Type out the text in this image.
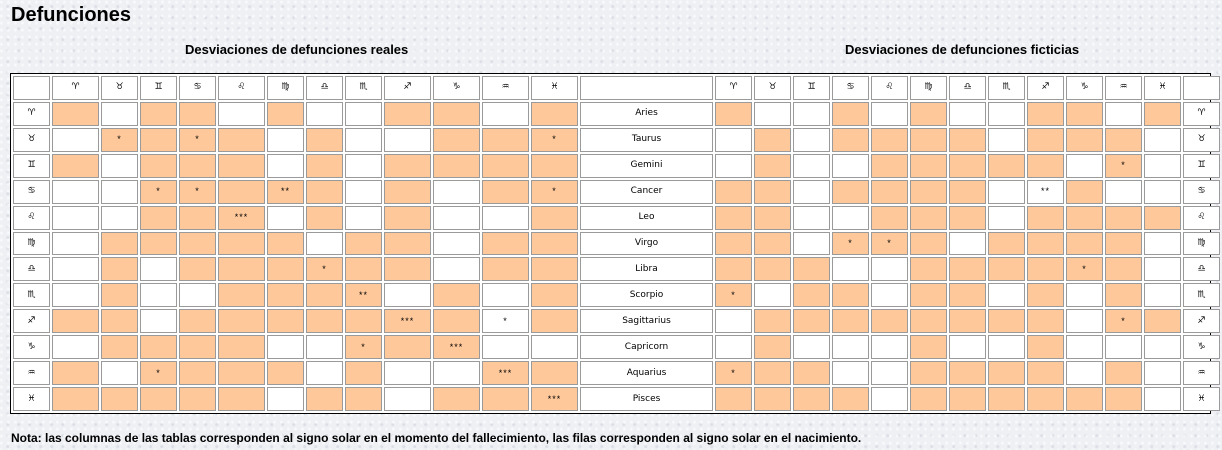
Defunciones
Desviaciones de defunciones reales	Desviaciones de defunciones ficticias
	♈	♉	♊	♋	♌	♍	♎	♏	♐	♑	♒	♓		♈	♉	♊	♋	♌	♍	♎	♏	♐	♑	♒	♓	
♈													Aries													♈
♉		*		*								*	Taurus													♉
♊													Gemini											*		♊
♋			*	*		**						*	Cancer									**				♋
♌					***								Leo													♌
♍													Virgo				*	*								♍
♎							*						Libra										*			♎
♏								**					Scorpio	*												♏
♐									***		*		Sagittarius											*		♐
♑								*		***			Capricorn													♑
♒			*								***		Aquarius	*												♒
♓												***	Pisces													♓
Nota: las columnas de las tablas corresponden al signo solar en el momento del fallecimiento, las filas corresponden al signo solar en el nacimiento.
